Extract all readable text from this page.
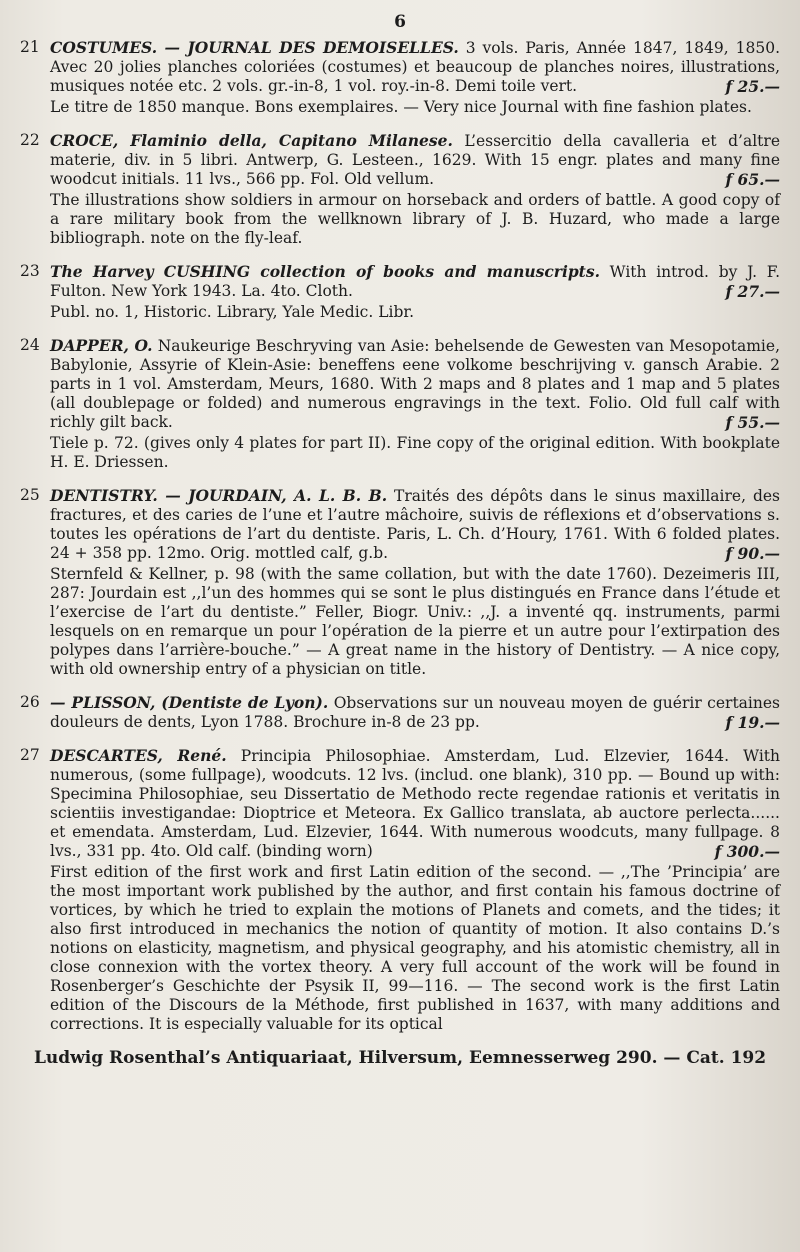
6
21 COSTUMES. — JOURNAL DES DEMOISELLES. 3 vols. Paris, Année 1847, 1849, 1850. Avec 20 jolies planches coloriées (costumes) et beaucoup de planches noires, illustrations, musiques notée etc. 2 vols. gr.-in-8, 1 vol. roy.-in-8. Demi toile vert.	f 25.—

Le titre de 1850 manque. Bons exemplaires. — Very nice Journal with fine fashion plates.

22 CROCE, Flaminio della, Capitano Milanese. L’essercitio della cavalleria et d’altre materie, div. in 5 libri. Antwerp, G. Lesteen., 1629. With 15 engr. plates and many fine woodcut initials. 11 lvs., 566 pp. Fol. Old vellum.	f 65.—

The illustrations show soldiers in armour on horseback and orders of battle. A good copy of a rare military book from the wellknown library of J. B. Huzard, who made a large bibliograph. note on the fly-leaf.

23 The Harvey CUSHING collection of books and manuscripts. With introd. by J. F. Fulton. New York 1943. La. 4to. Cloth.	f 27.—

Publ. no. 1, Historic. Library, Yale Medic. Libr.

24 DAPPER, O. Naukeurige Beschryving van Asie: behelsende de Gewesten van Mesopotamie, Babylonie, Assyrie of Klein-Asie: beneffens eene volkome beschrijving v. gansch Arabie. 2 parts in 1 vol. Amsterdam, Meurs, 1680. With 2 maps and 8 plates and 1 map and 5 plates (all doublepage or folded) and numerous engravings in the text. Folio. Old full calf with richly gilt back.	f 55.—

Tiele p. 72. (gives only 4 plates for part II). Fine copy of the original edition. With bookplate H. E. Driessen.

25 DENTISTRY. — JOURDAIN, A. L. B. B. Traités des dépôts dans le sinus maxillaire, des fractures, et des caries de l’une et l’autre mâchoire, suivis de réflexions et d’observations s. toutes les opérations de l’art du dentiste. Paris, L. Ch. d’Houry, 1761. With 6 folded plates. 24 + 358 pp. 12mo. Orig. mottled calf, g.b.	f 90.—

Sternfeld & Kellner, p. 98 (with the same collation, but with the date 1760). Dezeimeris III, 287: Jourdain est ,,l’un des hommes qui se sont le plus distingués en France dans l’étude et l’exercise de l’art du dentiste.” Feller, Biogr. Univ.: ,,J. a inventé qq. instruments, parmi lesquels on en remarque un pour l’opération de la pierre et un autre pour l’extirpation des polypes dans l’arrière-bouche.” — A great name in the history of Dentistry. — A nice copy, with old ownership entry of a physician on title.

26 — PLISSON, (Dentiste de Lyon). Observations sur un nouveau moyen de guérir certaines douleurs de dents, Lyon 1788. Brochure in-8 de 23 pp.	f 19.—

27 DESCARTES, René. Principia Philosophiae. Amsterdam, Lud. Elzevier, 1644. With numerous, (some fullpage), woodcuts. 12 lvs. (includ. one blank), 310 pp. — Bound up with: Specimina Philosophiae, seu Dissertatio de Methodo recte regendae rationis et veritatis in scientiis investigandae: Dioptrice et Meteora. Ex Gallico translata, ab auctore perlecta...... et emendata. Amsterdam, Lud. Elzevier, 1644. With numerous woodcuts, many fullpage. 8 lvs., 331 pp. 4to. Old calf. (binding worn)	f 300.—

First edition of the first work and first Latin edition of the second. — ,,The ’Principia’ are the most important work published by the author, and first contain his famous doctrine of vortices, by which he tried to explain the motions of Planets and comets, and the tides; it also first introduced in mechanics the notion of quantity of motion. It also contains D.’s notions on elasticity, magnetism, and physical geography, and his atomistic chemistry, all in close connexion with the vortex theory. A very full account of the work will be found in Rosenberger’s Geschichte der Psysik II, 99—116. — The second work is the first Latin edition of the Discours de la Méthode, first published in 1637, with many additions and corrections. It is especially valuable for its optical

Ludwig Rosenthal’s Antiquariaat, Hilversum, Eemnesserweg 290. — Cat. 192
